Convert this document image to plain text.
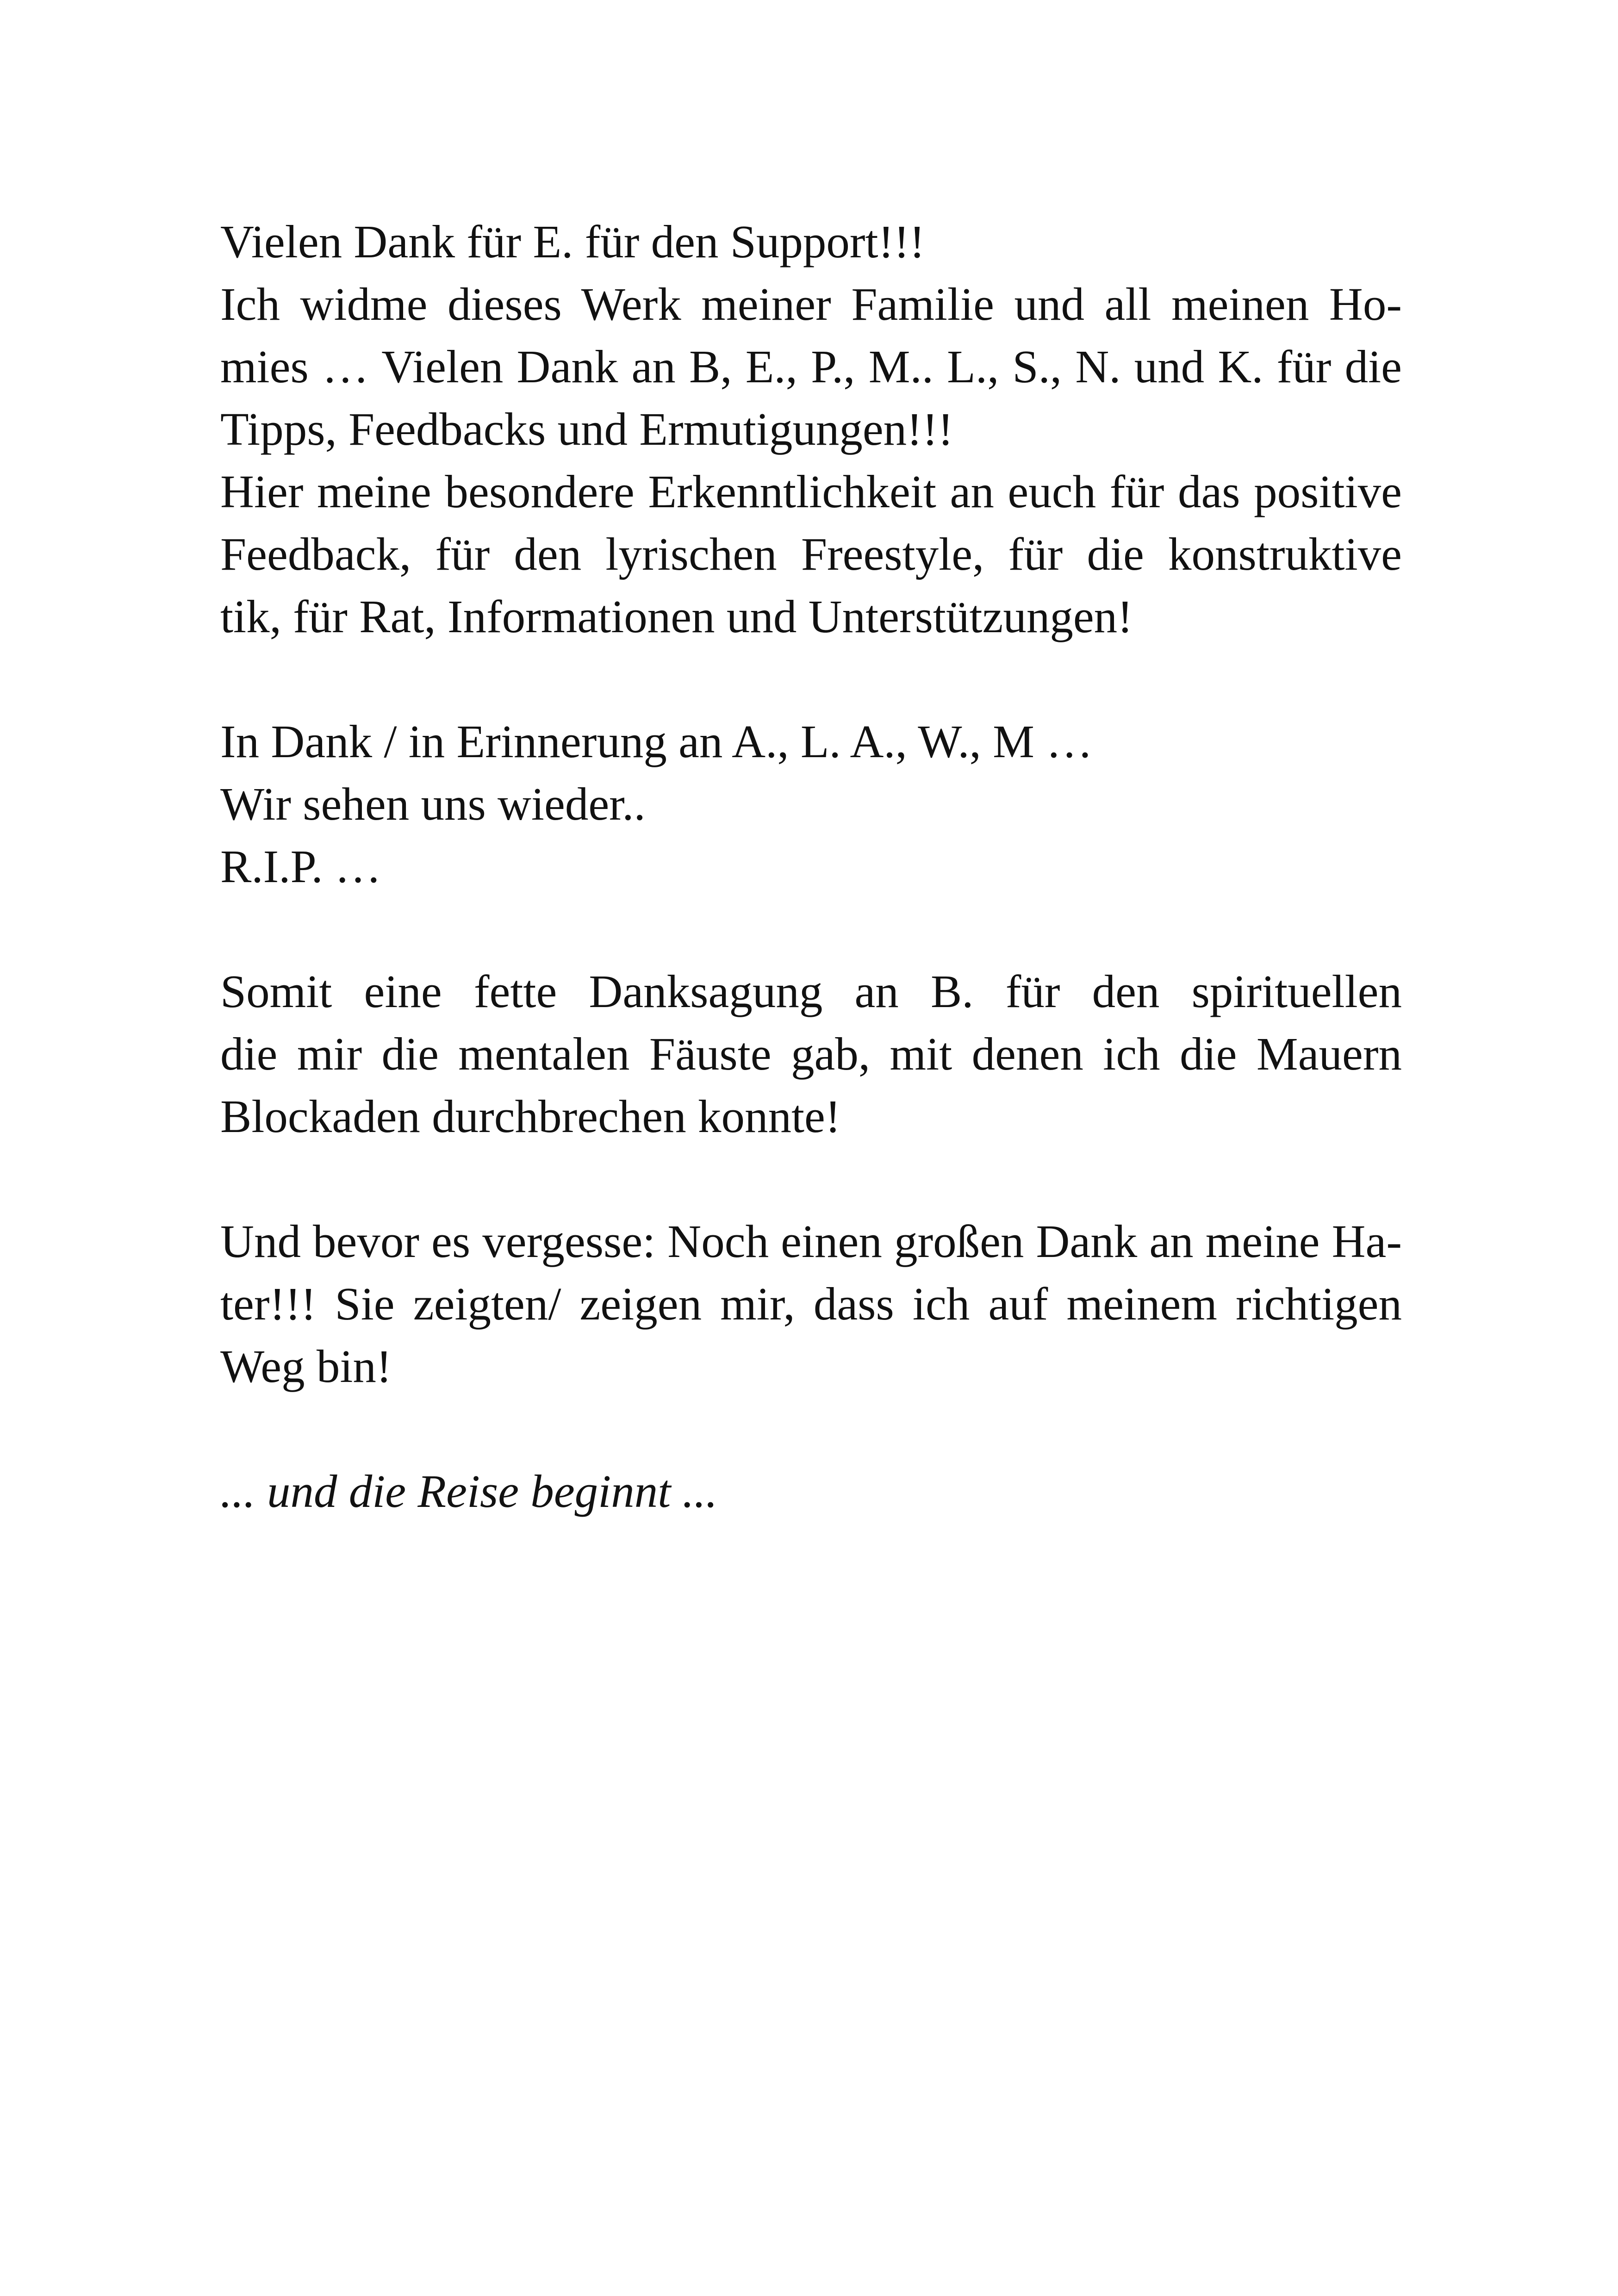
Vielen Dank für E. für den Support!!!
Ich widme dieses Werk meiner Familie und all meinen Ho-
mies … Vielen Dank an B, E., P., M.. L., S., N. und K. für die
Tipps, Feedbacks und Ermutigungen!!!
Hier meine besondere Erkenntlichkeit an euch für das positive
Feedback, für den lyrischen Freestyle, für die konstruktive
tik, für Rat, Informationen und Unterstützungen!
In Dank / in Erinnerung an A., L. A., W., M …
Wir sehen uns wieder..
R.I.P. …
Somit eine fette Danksagung an B. für den spirituellen
die mir die mentalen Fäuste gab, mit denen ich die Mauern
Blockaden durchbrechen konnte!
Und bevor es vergesse: Noch einen großen Dank an meine Ha-
ter!!! Sie zeigten/ zeigen mir, dass ich auf meinem richtigen
Weg bin!
... und die Reise beginnt ...
